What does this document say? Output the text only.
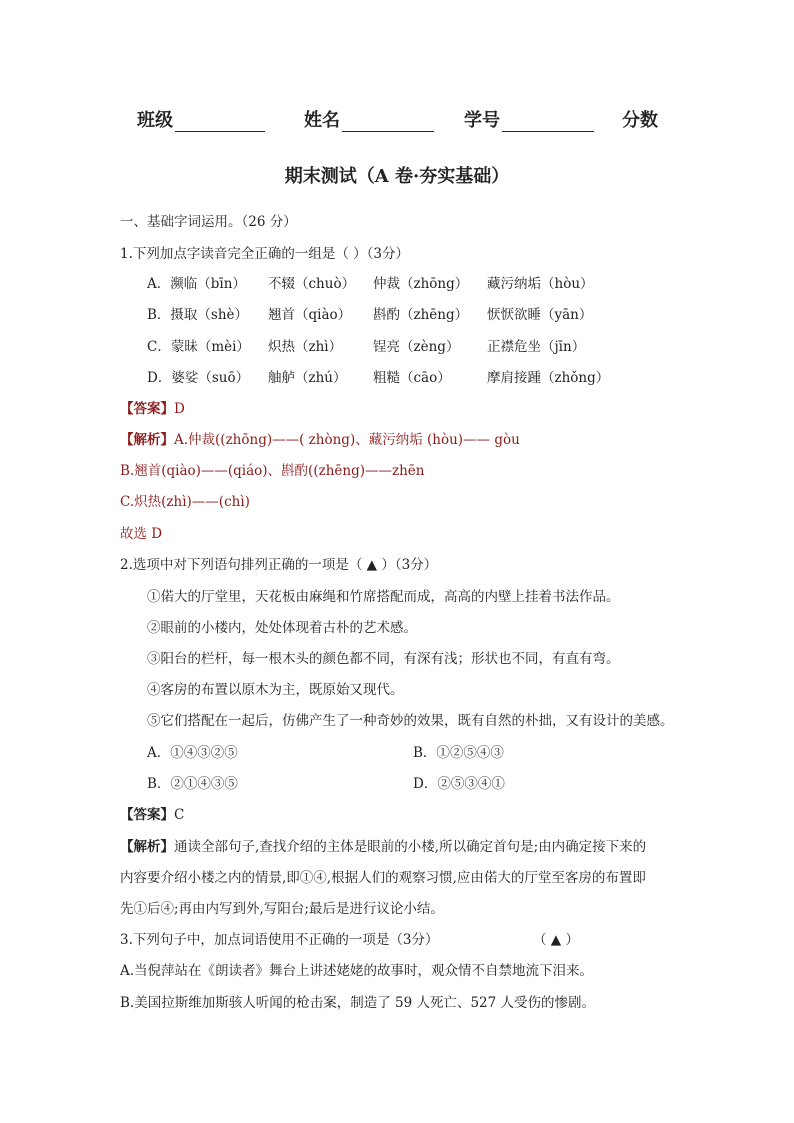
班级	姓名	学号	分数
期末测试（A 卷·夯实基础）
一、基础字词运用。（26 分）
1.下列加点字读音完全正确的一组是（ ）（3分）
A．濒临（bīn） 不辍（chuò） 仲裁（zhōng） 藏污纳垢（hòu）
B．摄取（shè） 翘首（qiào） 斟酌（zhēng） 恹恹欲睡（yān）
C．蒙昧（mèi） 炽热（zhì） 锃亮（zèng） 正襟危坐（jīn）
D．婆娑（suō） 舳舻（zhú） 粗糙（cāo）	摩肩接踵（zhǒng）
【答案】D
【解析】A.仲裁((zhōng)——( zhòng)、藏污纳垢 (hòu)—— gòu
B.翘首(qiào)——(qiáo)、斟酌((zhēng)——zhēn
C.炽热(zhì)——(chì)
故选 D
2.选项中对下列语句排列正确的一项是（ ▲ ）（3分）
①偌大的厅堂里，天花板由麻绳和竹席搭配而成，高高的内壁上挂着书法作品。
②眼前的小楼内，处处体现着古朴的艺术感。
③阳台的栏杆，每一根木头的颜色都不同，有深有浅；形状也不同，有直有弯。
④客房的布置以原木为主，既原始又现代。
⑤它们搭配在一起后，仿佛产生了一种奇妙的效果，既有自然的朴拙，又有设计的美感。
A．①④③②⑤	B．①②⑤④③
B．②①④③⑤	D．②⑤③④①
【答案】C
【解析】通读全部句子,查找介绍的主体是眼前的小楼,所以确定首句是;由内确定接下来的
内容要介绍小楼之内的情景,即①④,根据人们的观察习惯,应由偌大的厅堂至客房的布置即
先①后④;再由内写到外,写阳台;最后是进行议论小结。
3.下列句子中，加点词语使用不正确的一项是（3分）	（ ▲ ）
A.当倪萍站在《朗读者》舞台上讲述姥姥的故事时，观众情不自禁地流下泪来。
B.美国拉斯维加斯骇人听闻的枪击案，制造了 59 人死亡、527 人受伤的惨剧。
